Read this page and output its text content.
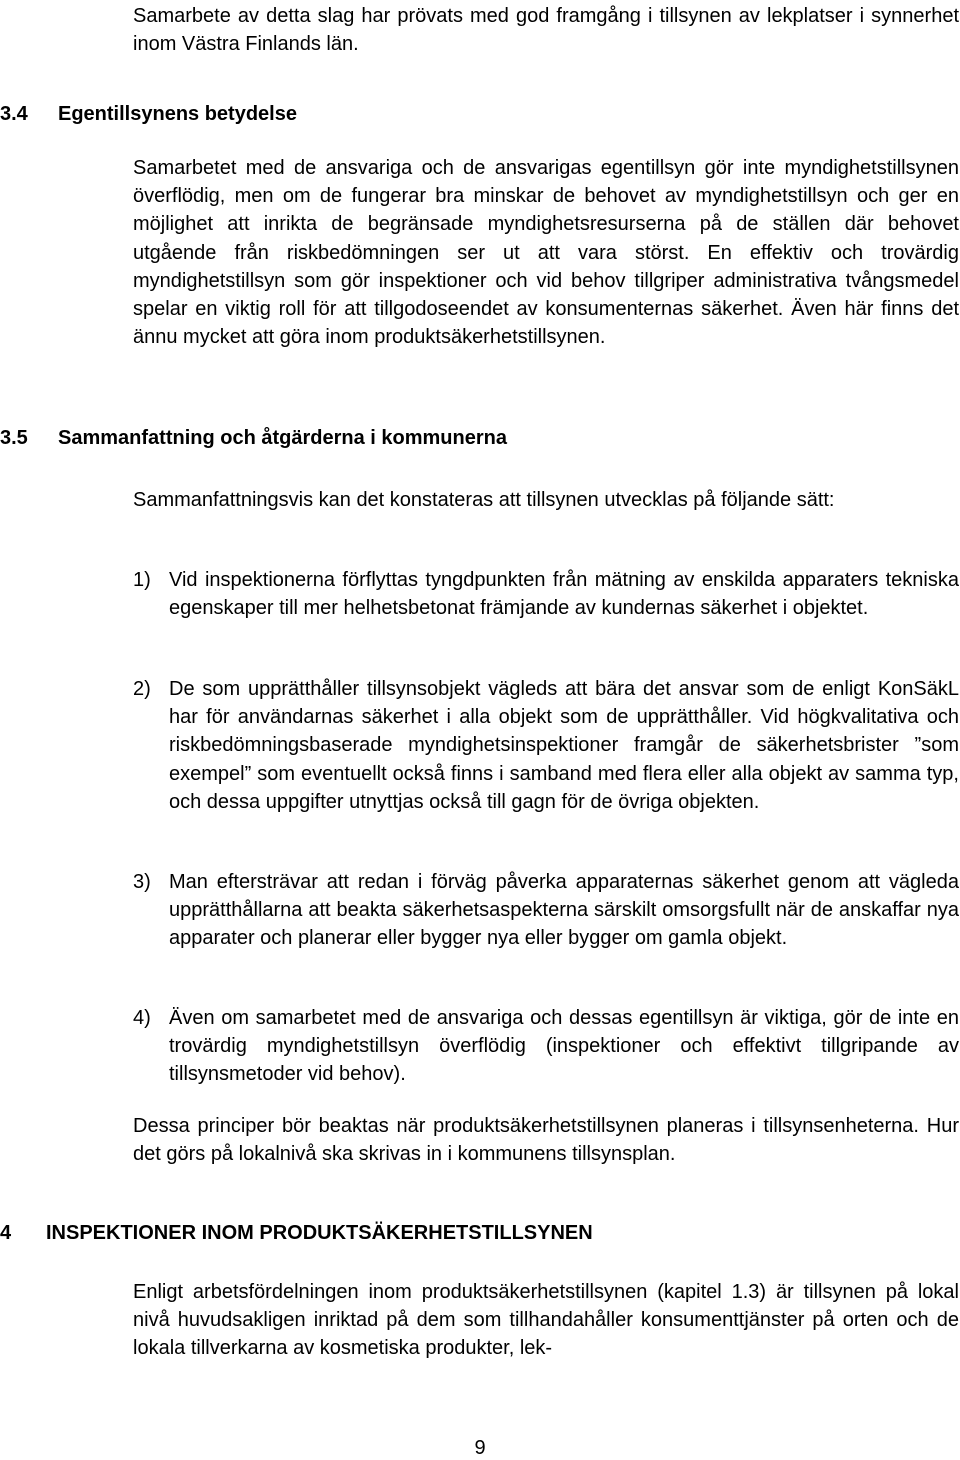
Samarbete av detta slag har prövats med god framgång i tillsynen av lekplatser i synnerhet inom Västra Finlands län.

3.4 Egentillsynens betydelse

Samarbetet med de ansvariga och de ansvarigas egentillsyn gör inte myndighetstillsynen överflödig, men om de fungerar bra minskar de behovet av myndighetstillsyn och ger en möjlighet att inrikta de begränsade myndighetsresurserna på de ställen där behovet utgående från riskbedömningen ser ut att vara störst. En effektiv och trovärdig myndighetstillsyn som gör inspektioner och vid behov tillgriper administrativa tvångsmedel spelar en viktig roll för att tillgodoseendet av konsumenternas säkerhet. Även här finns det ännu mycket att göra inom produktsäkerhetstillsynen.

3.5 Sammanfattning och åtgärderna i kommunerna

Sammanfattningsvis kan det konstateras att tillsynen utvecklas på följande sätt:

1) Vid inspektionerna förflyttas tyngdpunkten från mätning av enskilda apparaters tekniska egenskaper till mer helhetsbetonat främjande av kundernas säkerhet i objektet.
2) De som upprätthåller tillsynsobjekt vägleds att bära det ansvar som de enligt KonSäkL har för användarnas säkerhet i alla objekt som de upprätthåller. Vid högkvalitativa och riskbedömningsbaserade myndighetsinspektioner framgår de säkerhetsbrister ”som exempel” som eventuellt också finns i samband med flera eller alla objekt av samma typ, och dessa uppgifter utnyttjas också till gagn för de övriga objekten.
3) Man eftersträvar att redan i förväg påverka apparaternas säkerhet genom att vägleda upprätthållarna att beakta säkerhetsaspekterna särskilt omsorgsfullt när de anskaffar nya apparater och planerar eller bygger nya eller bygger om gamla objekt.
4) Även om samarbetet med de ansvariga och dessas egentillsyn är viktiga, gör de inte en trovärdig myndighetstillsyn överflödig (inspektioner och effektivt tillgripande av tillsynsmetoder vid behov).

Dessa principer bör beaktas när produktsäkerhetstillsynen planeras i tillsynsenheterna. Hur det görs på lokalnivå ska skrivas in i kommunens tillsynsplan.

4 INSPEKTIONER INOM PRODUKTSÄKERHETSTILLSYNEN

Enligt arbetsfördelningen inom produktsäkerhetstillsynen (kapitel 1.3) är tillsynen på lokal nivå huvudsakligen inriktad på dem som tillhandahåller konsumenttjänster på orten och de lokala tillverkarna av kosmetiska produkter, lek-

9
